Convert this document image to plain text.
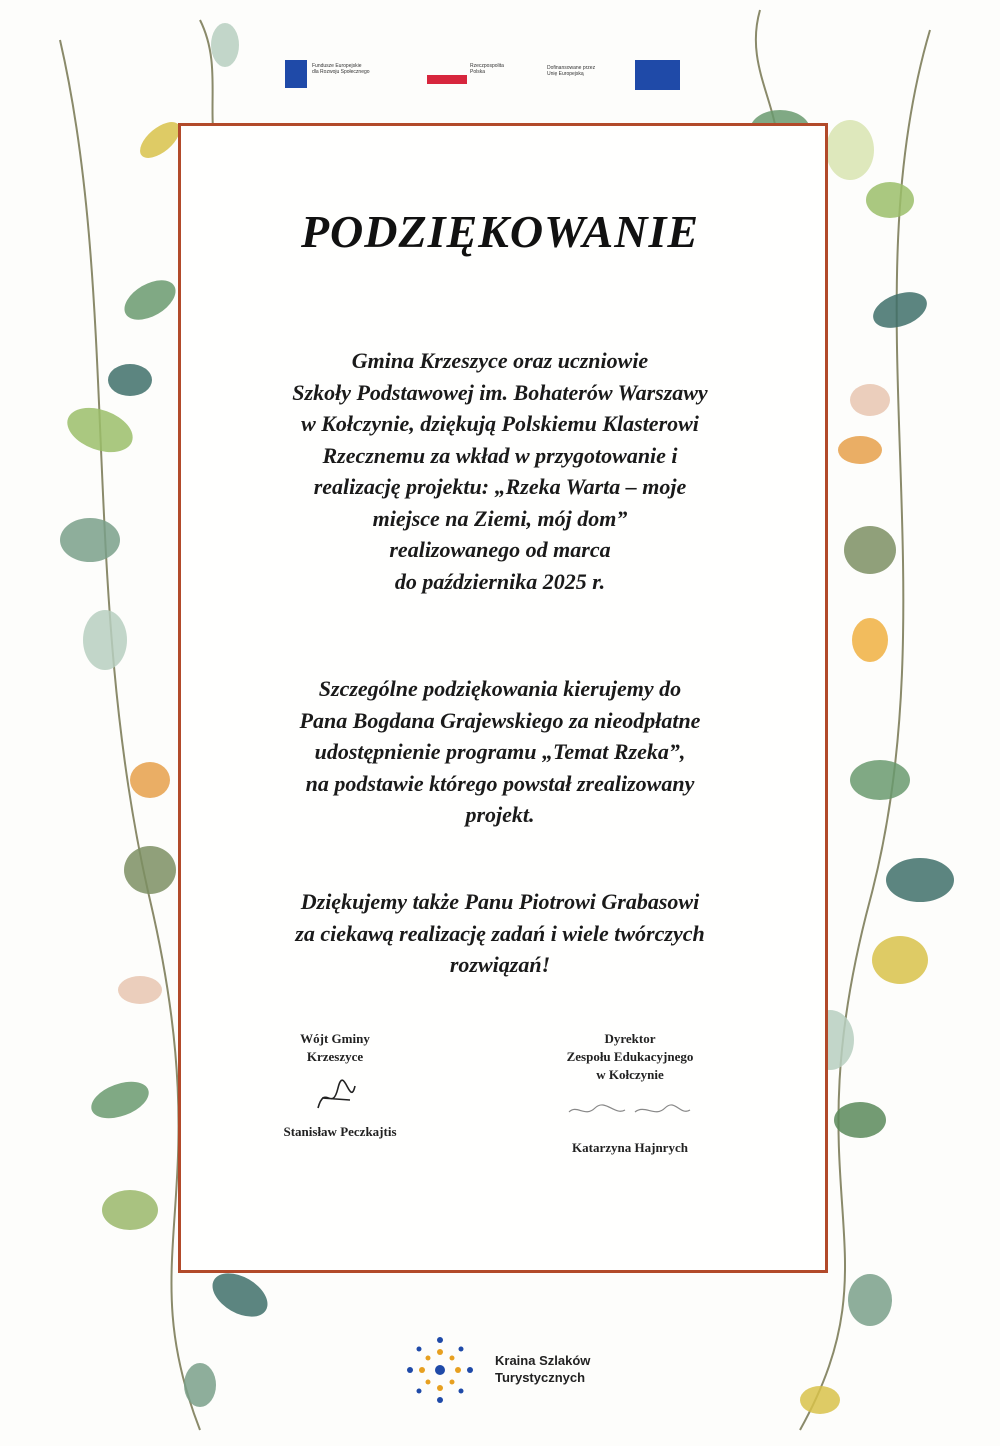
Fundusze Europejskie
dla Rozwoju Społecznego
Rzeczpospolita
Polska
Dofinansowane przez
Unię Europejską
PODZIĘKOWANIE
Gmina Krzeszyce oraz uczniowie
Szkoły Podstawowej im. Bohaterów Warszawy
w Kołczynie, dziękują Polskiemu Klasterowi
Rzecznemu za wkład w przygotowanie i
realizację projektu: „Rzeka Warta – moje
miejsce na Ziemi, mój dom”
realizowanego od marca
do października 2025 r.
Szczególne podziękowania kierujemy do
Pana Bogdana Grajewskiego za nieodpłatne
udostępnienie programu „Temat Rzeka”,
na podstawie którego powstał zrealizowany
projekt.
Dziękujemy także Panu Piotrowi Grabasowi
za ciekawą realizację zadań i wiele twórczych
rozwiązań!
Wójt Gminy
Krzeszyce
Stanisław Peczkajtis
Dyrektor
Zespołu Edukacyjnego
w Kołczynie
Katarzyna Hajnrych
Kraina Szlaków
Turystycznych
